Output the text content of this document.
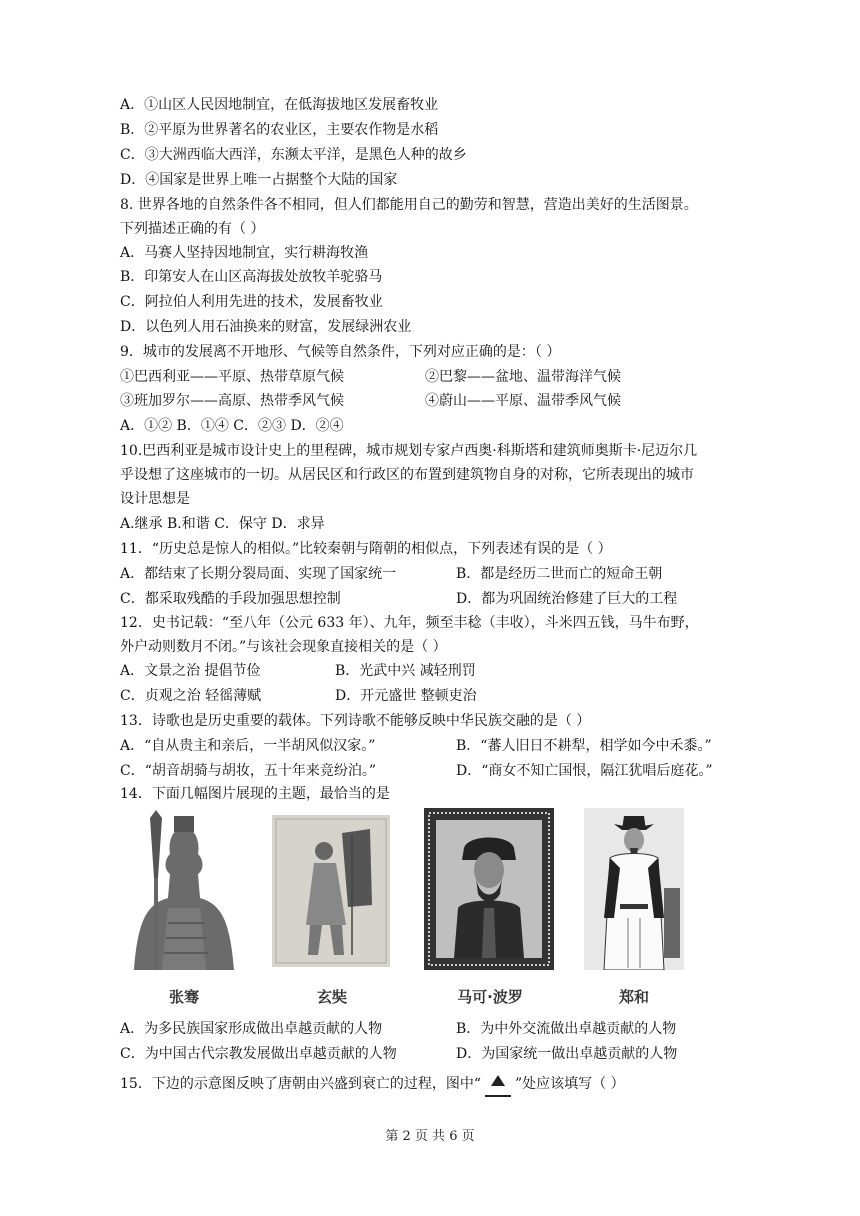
A．①山区人民因地制宜，在低海拔地区发展畜牧业
B．②平原为世界著名的农业区，主要农作物是水稻
C．③大洲西临大西洋，东濒太平洋，是黑色人种的故乡
D．④国家是世界上唯一占据整个大陆的国家
8. 世界各地的自然条件各不相同，但人们都能用自己的勤劳和智慧，营造出美好的生活图景。
下列描述正确的有（ ）
A．马赛人坚持因地制宜，实行耕海牧渔
B．印第安人在山区高海拔处放牧羊驼骆马
C．阿拉伯人利用先进的技术，发展畜牧业
D．以色列人用石油换来的财富，发展绿洲农业
9．城市的发展离不开地形、气候等自然条件，下列对应正确的是：（ ）
①巴西利亚——平原、热带草原气候	②巴黎——盆地、温带海洋气候
③班加罗尔——高原、热带季风气候	④蔚山——平原、温带季风气候
A．①② B．①④ C．②③ D．②④
10.巴西利亚是城市设计史上的里程碑，城市规划专家卢西奥·科斯塔和建筑师奥斯卡·尼迈尔几
乎设想了这座城市的一切。从居民区和行政区的布置到建筑物自身的对称，它所表现出的城市
设计思想是
A.继承 B.和谐 C．保守 D．求异
11．“历史总是惊人的相似。”比较秦朝与隋朝的相似点，下列表述有误的是（ ）
A．都结束了长期分裂局面、实现了国家统一	B．都是经历二世而亡的短命王朝
C．都采取残酷的手段加强思想控制	D．都为巩固统治修建了巨大的工程
12．史书记载：“至八年（公元 633 年）、九年，频至丰稔（丰收），斗米四五钱，马牛布野，
外户动则数月不闭。”与该社会现象直接相关的是（ ）
A．文景之治 提倡节俭	B．光武中兴 减轻刑罚
C．贞观之治 轻徭薄赋	D．开元盛世 整顿吏治
13．诗歌也是历史重要的载体。下列诗歌不能够反映中华民族交融的是（ ）
A．“自从贵主和亲后，一半胡风似汉家。”	B．“蕃人旧日不耕犁，相学如今中禾黍。”
C．“胡音胡骑与胡妆，五十年来竞纷泊。”	D．“商女不知亡国恨，隔江犹唱后庭花。”
14．下面几幅图片展现的主题，最恰当的是
张骞	玄奘	马可·波罗	郑和
A．为多民族国家形成做出卓越贡献的人物	B．为中外交流做出卓越贡献的人物
C．为中国古代宗教发展做出卓越贡献的人物	D．为国家统一做出卓越贡献的人物
15．下边的示意图反映了唐朝由兴盛到衰亡的过程，图中“ ”处应该填写（ ）
第 2 页 共 6 页
